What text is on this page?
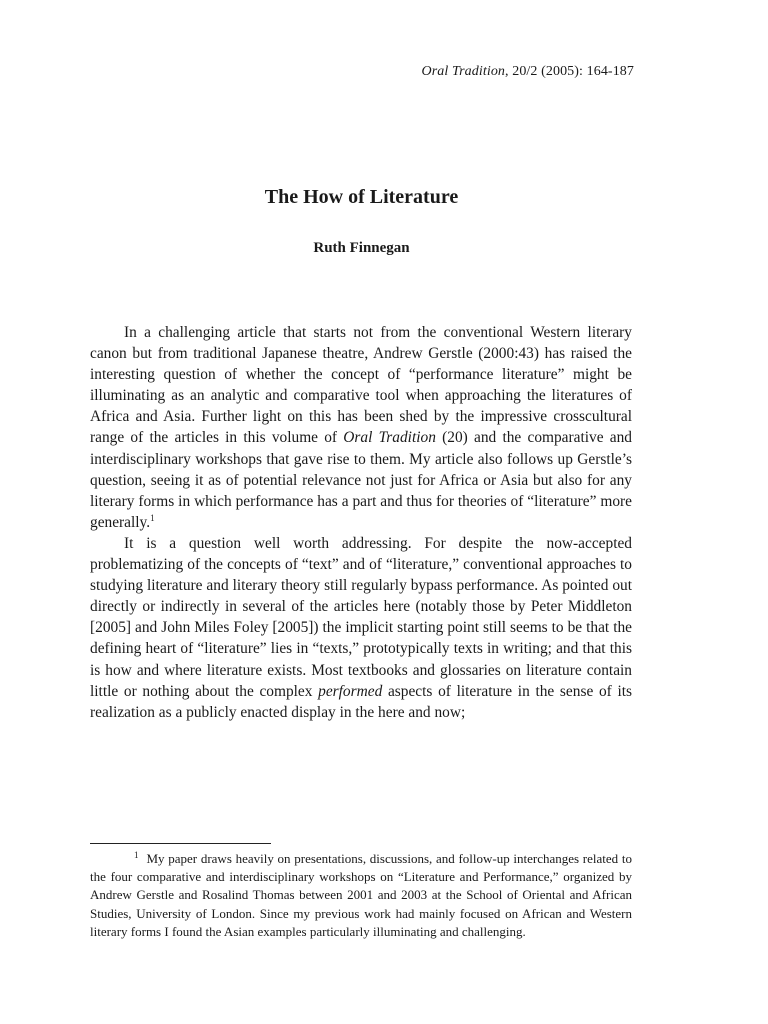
Oral Tradition, 20/2 (2005): 164-187
The How of Literature
Ruth Finnegan

In a challenging article that starts not from the conventional Western literary canon but from traditional Japanese theatre, Andrew Gerstle (2000:43) has raised the interesting question of whether the concept of “performance literature” might be illuminating as an analytic and comparative tool when approaching the literatures of Africa and Asia. Further light on this has been shed by the impressive crosscultural range of the articles in this volume of Oral Tradition (20) and the comparative and interdisciplinary workshops that gave rise to them. My article also follows up Gerstle’s question, seeing it as of potential relevance not just for Africa or Asia but also for any literary forms in which performance has a part and thus for theories of “literature” more generally.$^1$

It is a question well worth addressing. For despite the now-accepted problematizing of the concepts of “text” and of “literature,” conventional approaches to studying literature and literary theory still regularly bypass performance. As pointed out directly or indirectly in several of the articles here (notably those by Peter Middleton [2005] and John Miles Foley [2005]) the implicit starting point still seems to be that the defining heart of “literature” lies in “texts,” prototypically texts in writing; and that this is how and where literature exists. Most textbooks and glossaries on literature contain little or nothing about the complex performed aspects of literature in the sense of its realization as a publicly enacted display in the here and now;

$^1$ My paper draws heavily on presentations, discussions, and follow-up interchanges related to the four comparative and interdisciplinary workshops on “Literature and Performance,” organized by Andrew Gerstle and Rosalind Thomas between 2001 and 2003 at the School of Oriental and African Studies, University of London. Since my previous work had mainly focused on African and Western literary forms I found the Asian examples particularly illuminating and challenging.
